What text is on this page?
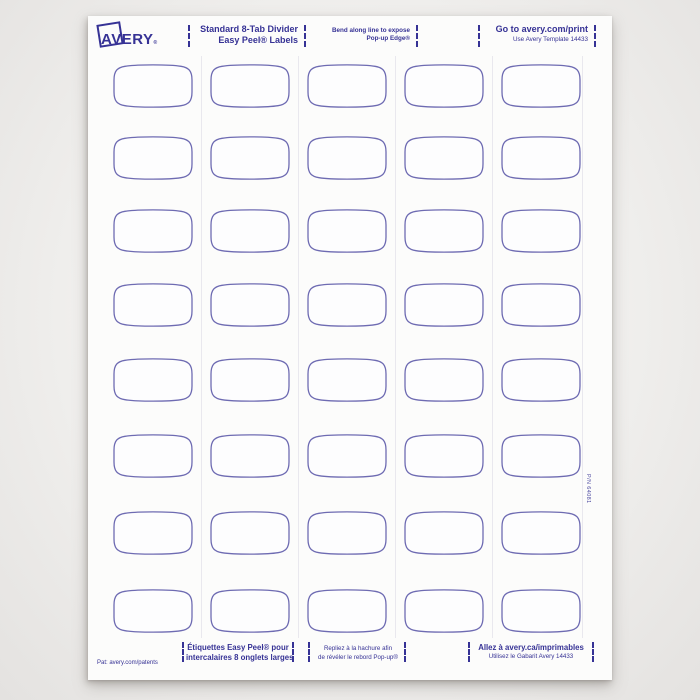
AVERY®
Standard 8-Tab Divider
Easy Peel® Labels
Bend along line to expose
Pop-up Edge®
Go to avery.com/print
Use Avery Template 14433
P/N 64081
Pat: avery.com/patents
Étiquettes Easy Peel® pour
intercalaires 8 onglets larges
Repliez à la hachure afin
de révéler le rebord Pop-up®
Allez à avery.ca/imprimables
Utilisez le Gabarit Avery 14433
